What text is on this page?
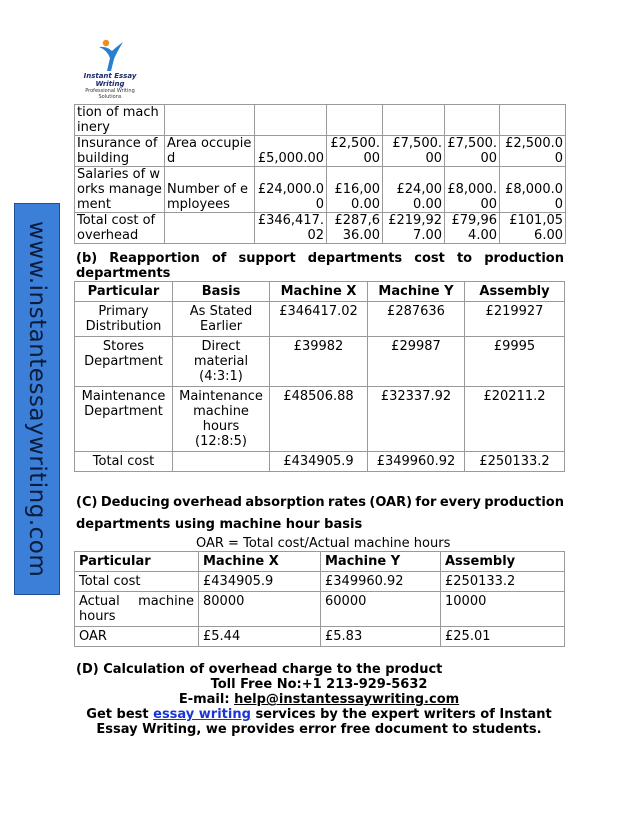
Instant Essay Writing
Professional Writing
Solutions
www.instantessaywriting.com
tion of machinery						
Insurance of building	Area occupied	£5,000.00	£2,500.00	£7,500.00	£7,500.00	£2,500.00
Salaries of works management	Number of employees	£24,000.00	£16,000.00	£24,000.00	£8,000.00	£8,000.00
Total cost of overhead		£346,417.02	£287,636.00	£219,927.00	£79,964.00	£101,056.00
(b) Reapportion of support departments cost to production
departments
Particular	Basis	Machine X	Machine Y	Assembly
Primary Distribution	As Stated Earlier	£346417.02	£287636	£219927
Stores Department	Direct material (4:3:1)	£39982	£29987	£9995
Maintenance Department	Maintenance machine hours (12:8:5)	£48506.88	£32337.92	£20211.2
Total cost		£434905.9	£349960.92	£250133.2
(C) Deducing overhead absorption rates (OAR) for every production
departments using machine hour basis
OAR = Total cost/Actual machine hours
Particular	Machine X	Machine Y	Assembly
Total cost	£434905.9	£349960.92	£250133.2
Actual machine hours	80000	60000	10000
OAR	£5.44	£5.83	£25.01
(D) Calculation of overhead charge to the product
Toll Free No:+1 213-929-5632
E-mail: help@instantessaywriting.com
Get best essay writing services by the expert writers of Instant Essay Writing, we provides error free document to students.
